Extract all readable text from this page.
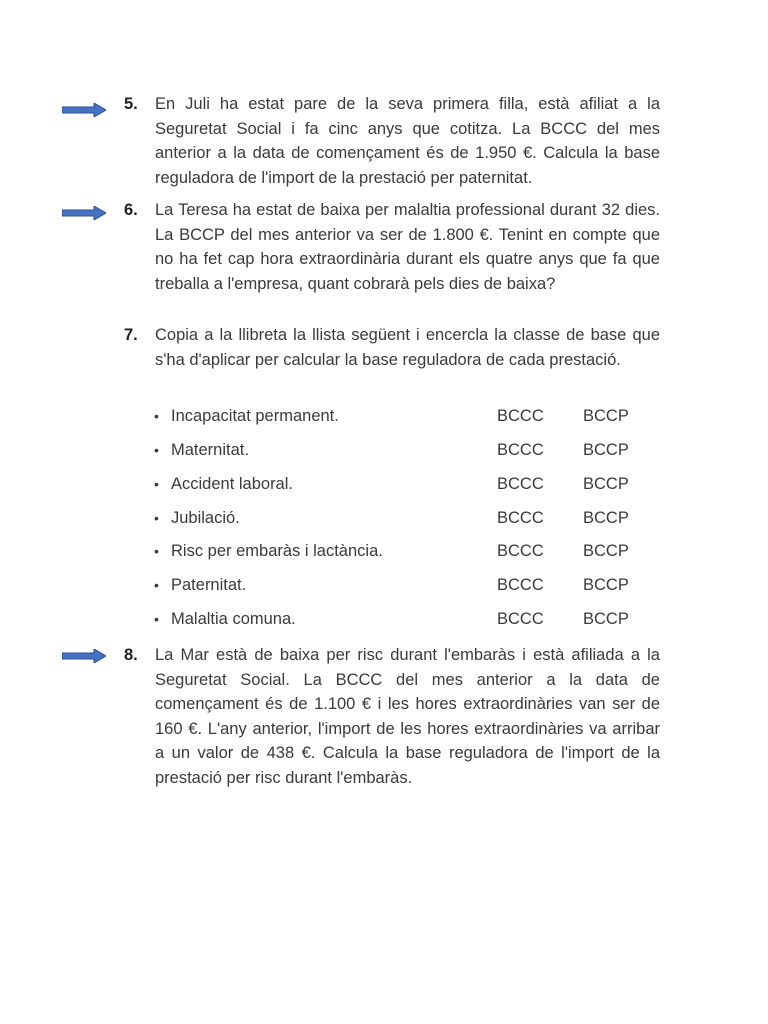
5. En Juli ha estat pare de la seva primera filla, està afiliat a la Seguretat Social i fa cinc anys que cotitza. La BCCC del mes anterior a la data de començament és de 1.950 €. Calcula la base reguladora de l'import de la prestació per paternitat.
6. La Teresa ha estat de baixa per malaltia professional durant 32 dies. La BCCP del mes anterior va ser de 1.800 €. Tenint en compte que no ha fet cap hora extraordinària durant els quatre anys que fa que treballa a l'empresa, quant cobrarà pels dies de baixa?
7. Copia a la llibreta la llista següent i encercla la classe de base que s'ha d'aplicar per calcular la base reguladora de cada prestació.
• Incapacitat permanent.	BCCC BCCP
• Maternitat.	BCCC BCCP
• Accident laboral.	BCCC BCCP
• Jubilació.	BCCC BCCP
• Risc per embaràs i lactància.	BCCC BCCP
• Paternitat.	BCCC BCCP
• Malaltia comuna.	BCCC BCCP
8. La Mar està de baixa per risc durant l'embaràs i està afiliada a la Seguretat Social. La BCCC del mes anterior a la data de començament és de 1.100 € i les hores extraordinàries van ser de 160 €. L'any anterior, l'import de les hores extraordinàries va arribar a un valor de 438 €. Calcula la base reguladora de l'import de la prestació per risc durant l'embaràs.
